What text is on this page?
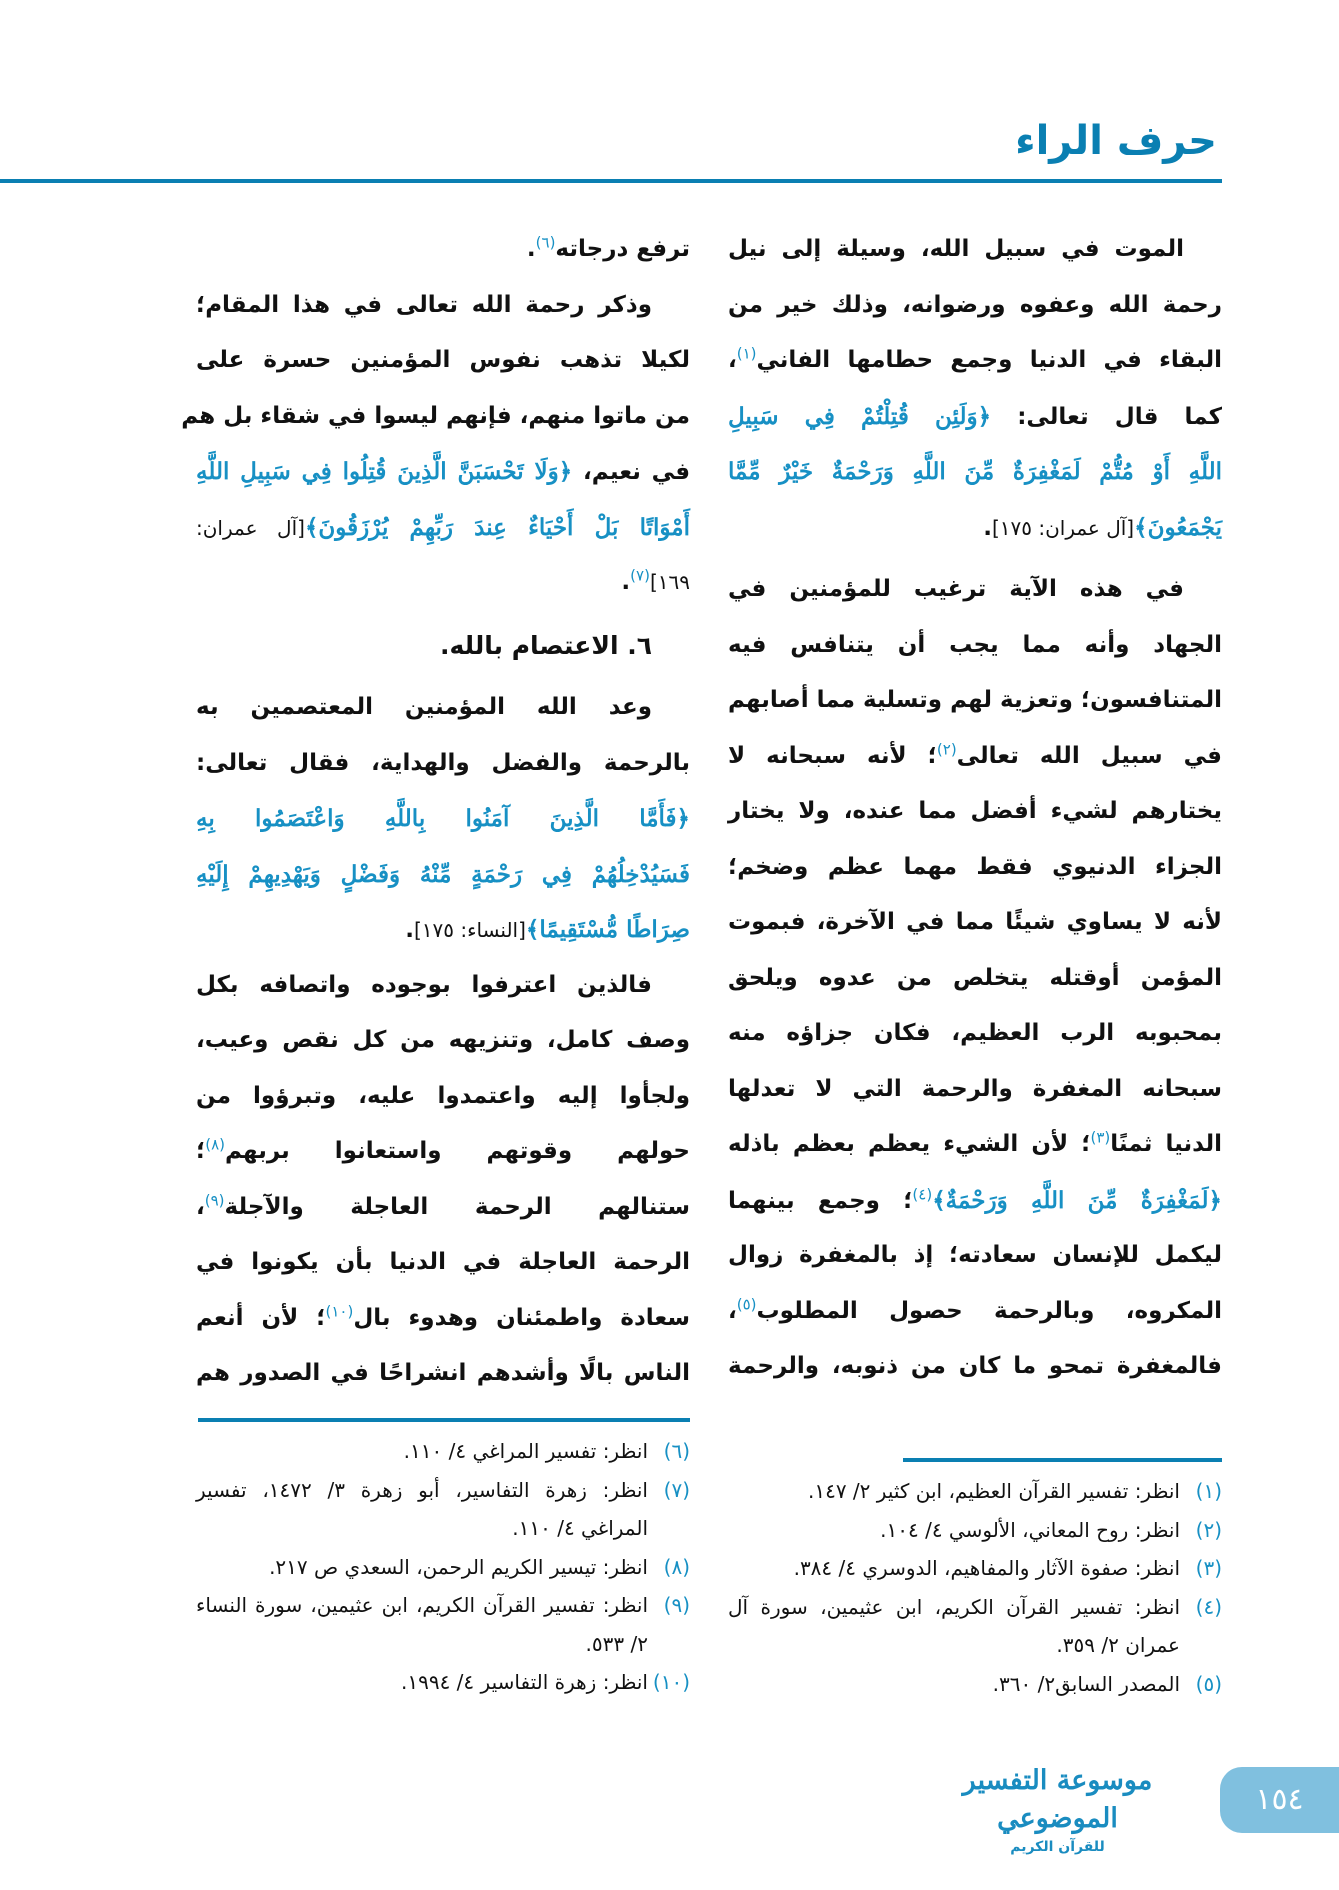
حرف الراء
الموت في سبيل الله، وسيلة إلى نيل
رحمة الله وعفوه ورضوانه، وذلك خير من
البقاء في الدنيا وجمع حطامها الفاني$^{(١)}$،
كما قال تعالى: ﴿وَلَئِن قُتِلْتُمْ فِي سَبِيلِ
اللَّهِ أَوْ مُتُّمْ لَمَغْفِرَةٌ مِّنَ اللَّهِ وَرَحْمَةٌ خَيْرٌ مِّمَّا
يَجْمَعُونَ﴾[آل عمران: ١٧٥].
في هذه الآية ترغيب للمؤمنين في
الجهاد وأنه مما يجب أن يتنافس فيه
المتنافسون؛ وتعزية لهم وتسلية مما أصابهم
في سبيل الله تعالى$^{(٢)}$؛ لأنه سبحانه لا
يختارهم لشيء أفضل مما عنده، ولا يختار
الجزاء الدنيوي فقط مهما عظم وضخم؛
لأنه لا يساوي شيئًا مما في الآخرة، فبموت
المؤمن أوقتله يتخلص من عدوه ويلحق
بمحبوبه الرب العظيم، فكان جزاؤه منه
سبحانه المغفرة والرحمة التي لا تعدلها
الدنيا ثمنًا$^{(٣)}$؛ لأن الشيء يعظم بعظم باذله
﴿لَمَغْفِرَةٌ مِّنَ اللَّهِ وَرَحْمَةٌ﴾$^{(٤)}$؛ وجمع بينهما
ليكمل للإنسان سعادته؛ إذ بالمغفرة زوال
المكروه، وبالرحمة حصول المطلوب$^{(٥)}$،
فالمغفرة تمحو ما كان من ذنوبه، والرحمة
ترفع درجاته$^{(٦)}$.
وذكر رحمة الله تعالى في هذا المقام؛
لكيلا تذهب نفوس المؤمنين حسرة على
من ماتوا منهم، فإنهم ليسوا في شقاء بل هم
في نعيم، ﴿وَلَا تَحْسَبَنَّ الَّذِينَ قُتِلُوا فِي سَبِيلِ اللَّهِ
أَمْوَاتًا بَلْ أَحْيَاءٌ عِندَ رَبِّهِمْ يُرْزَقُونَ﴾[آل عمران:
١٦٩]$^{(٧)}$.
٦. الاعتصام بالله.
وعد الله المؤمنين المعتصمين به
بالرحمة والفضل والهداية، فقال تعالى:
﴿فَأَمَّا الَّذِينَ آمَنُوا بِاللَّهِ وَاعْتَصَمُوا بِهِ
فَسَيُدْخِلُهُمْ فِي رَحْمَةٍ مِّنْهُ وَفَضْلٍ وَيَهْدِيهِمْ إِلَيْهِ
صِرَاطًا مُّسْتَقِيمًا﴾[النساء: ١٧٥].
فالذين اعترفوا بوجوده واتصافه بكل
وصف كامل، وتنزيهه من كل نقص وعيب،
ولجأوا إليه واعتمدوا عليه، وتبرؤوا من
حولهم وقوتهم واستعانوا بربهم$^{(٨)}$؛
ستنالهم الرحمة العاجلة والآجلة$^{(٩)}$،
الرحمة العاجلة في الدنيا بأن يكونوا في
سعادة واطمئنان وهدوء بال$^{(١٠)}$؛ لأن أنعم
الناس بالًا وأشدهم انشراحًا في الصدور هم
(١)
انظر: تفسير القرآن العظيم، ابن كثير ٢/ ١٤٧.
(٢)
انظر: روح المعاني، الألوسي ٤/ ١٠٤.
(٣)
انظر: صفوة الآثار والمفاهيم، الدوسري ٤/ ٣٨٤.
(٤)
انظر: تفسير القرآن الكريم، ابن عثيمين، سورة آل عمران ٢/ ٣٥٩.
(٥)
المصدر السابق٢/ ٣٦٠.
(٦)
انظر: تفسير المراغي ٤/ ١١٠.
(٧)
انظر: زهرة التفاسير، أبو زهرة ٣/ ١٤٧٢، تفسير المراغي ٤/ ١١٠.
(٨)
انظر: تيسير الكريم الرحمن، السعدي ص ٢١٧.
(٩)
انظر: تفسير القرآن الكريم، ابن عثيمين، سورة النساء ٢/ ٥٣٣.
(١٠)
انظر: زهرة التفاسير ٤/ ١٩٩٤.
موسوعة التفسير الموضوعي
للقرآن الكريم
١٥٤
